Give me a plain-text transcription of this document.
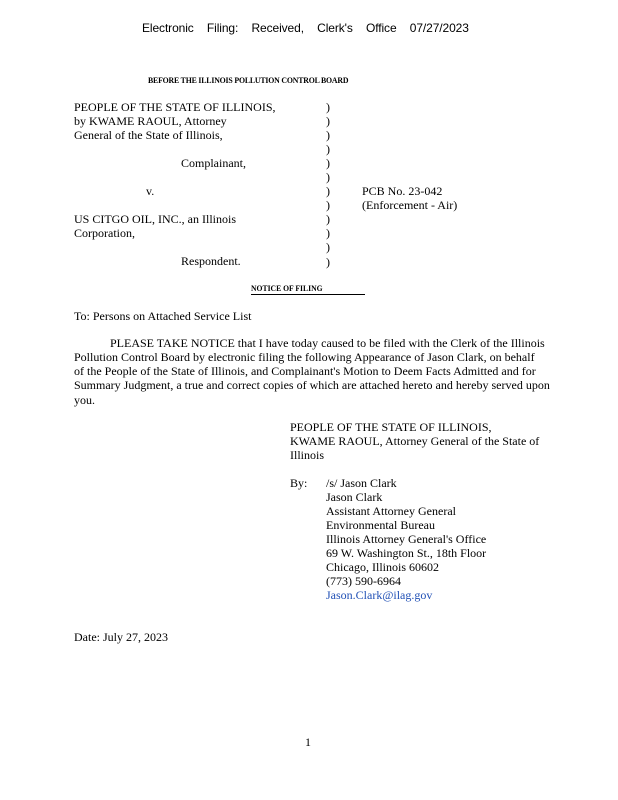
Electronic Filing: Received, Clerk's Office 07/27/2023
BEFORE THE ILLINOIS POLLUTION CONTROL BOARD
PEOPLE OF THE STATE OF ILLINOIS,
by KWAME RAOUL, Attorney
General of the State of Illinois,
Complainant,
v.
US CITGO OIL, INC., an Illinois
Corporation,
Respondent.
)
)
)
)
)
)
)
)
)
)
)
)
PCB No. 23-042
(Enforcement - Air)
NOTICE OF FILING
To: Persons on Attached Service List
PLEASE TAKE NOTICE that I have today caused to be filed with the Clerk of the Illinois
Pollution Control Board by electronic filing the following Appearance of Jason Clark, on behalf
of the People of the State of Illinois, and Complainant's Motion to Deem Facts Admitted and for
Summary Judgment, a true and correct copies of which are attached hereto and hereby served upon
you.
PEOPLE OF THE STATE OF ILLINOIS,
KWAME RAOUL, Attorney General of the State of
Illinois
By: /s/ Jason Clark
Jason Clark
Assistant Attorney General
Environmental Bureau
Illinois Attorney General's Office
69 W. Washington St., 18th Floor
Chicago, Illinois 60602
(773) 590-6964
Jason.Clark@ilag.gov
Date: July 27, 2023
1
